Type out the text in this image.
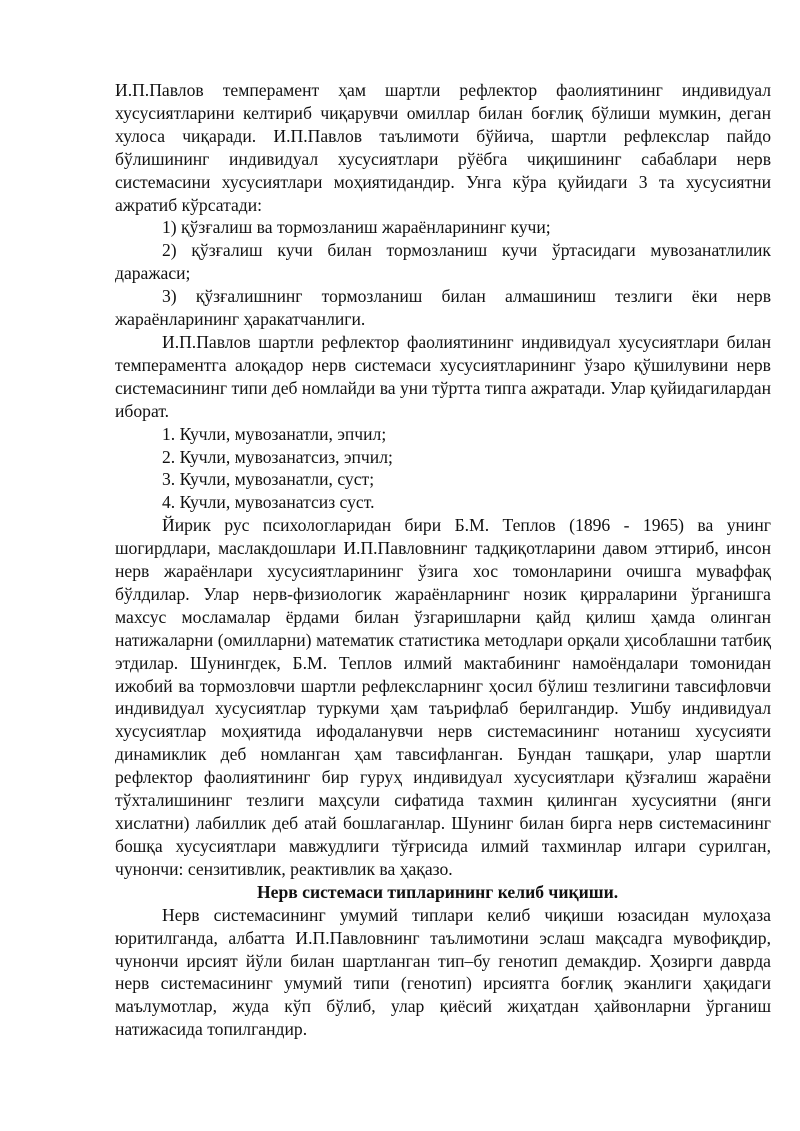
И.П.Павлов темперамент ҳам шартли рефлектор фаолиятининг индивидуал хусусиятларини келтириб чиқарувчи омиллар билан боғлиқ бўлиши мумкин, деган хулоса чиқаради. И.П.Павлов таълимоти бўйича, шартли рефлекслар пайдо бўлишининг индивидуал хусусиятлари рўёбга чиқишининг сабаблари нерв системасини хусусиятлари моҳиятидандир. Унга кўра қуйидаги 3 та хусусиятни ажратиб кўрсатади:

1) қўзғалиш ва тормозланиш жараёнларининг кучи;

2) қўзғалиш кучи билан тормозланиш кучи ўртасидаги мувозанатлилик даражаси;

3) қўзғалишнинг тормозланиш билан алмашиниш тезлиги ёки нерв жараёнларининг ҳаракатчанлиги.

И.П.Павлов шартли рефлектор фаолиятининг индивидуал хусусиятлари билан темпераментга алоқадор нерв системаси хусусиятларининг ўзаро қўшилувини нерв системасининг типи деб номлайди ва уни тўртта типга ажратади. Улар қуйидагилардан иборат.

1. Кучли, мувозанатли, эпчил;

2. Кучли, мувозанатсиз, эпчил;

3. Кучли, мувозанатли, суст;

4. Кучли, мувозанатсиз суст.

Йирик рус психологларидан бири Б.М. Теплов (1896 - 1965) ва унинг шогирдлари, маслакдошлари И.П.Павловнинг тадқиқотларини давом эттириб, инсон нерв жараёнлари хусусиятларининг ўзига хос томонларини очишга муваффақ бўлдилар. Улар нерв-физиологик жараёнларнинг нозик қирраларини ўрганишга махсус мосламалар ёрдами билан ўзгаришларни қайд қилиш ҳамда олинган натижаларни (омилларни) математик статистика методлари орқали ҳисоблашни татбиқ этдилар. Шунингдек, Б.М. Теплов илмий мактабининг намоёндалари томонидан ижобий ва тормозловчи шартли рефлексларнинг ҳосил бўлиш тезлигини тавсифловчи индивидуал хусусиятлар туркуми ҳам таърифлаб берилгандир. Ушбу индивидуал хусусиятлар моҳиятида ифодаланувчи нерв системасининг нотаниш хусусияти динамиклик деб номланган ҳам тавсифланган. Бундан ташқари, улар шартли рефлектор фаолиятининг бир гуруҳ индивидуал хусусиятлари қўзғалиш жараёни тўхталишининг тезлиги маҳсули сифатида тахмин қилинган хусусиятни (янги хислатни) лабиллик деб атай бошлаганлар. Шунинг билан бирга нерв системасининг бошқа хусусиятлари мавжудлиги тўғрисида илмий тахминлар илгари сурилган, чунончи: сензитивлик, реактивлик ва ҳақазо.

Нерв системаси типларининг келиб чиқиши.

Нерв системасининг умумий типлари келиб чиқиши юзасидан мулоҳаза юритилганда, албатта И.П.Павловнинг таълимотини эслаш мақсадга мувофиқдир, чунончи ирсият йўли билан шартланган тип–бу генотип демакдир. Ҳозирги даврда нерв системасининг умумий типи (генотип) ирсиятга боғлиқ эканлиги ҳақидаги маълумотлар, жуда кўп бўлиб, улар қиёсий жиҳатдан ҳайвонларни ўрганиш натижасида топилгандир.
